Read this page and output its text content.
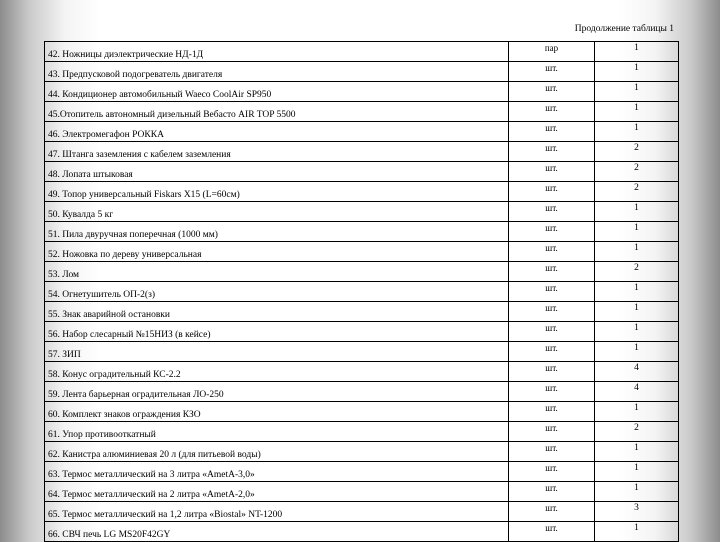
Продолжение таблицы 1
42. Ножницы диэлектрические НД-1Д	пар	1
43. Предпусковой подогреватель двигателя	шт.	1
44. Кондиционер автомобильный Waeco CoolAir SP950	шт.	1
45.Отопитель автономный дизельный Вебасто AIR TOP 5500	шт.	1
46. Электромегафон РОККА	шт.	1
47. Штанга заземления с кабелем заземления	шт.	2
48. Лопата штыковая	шт.	2
49. Топор универсальный Fiskars X15 (L=60см)	шт.	2
50. Кувалда 5 кг	шт.	1
51. Пила двуручная поперечная (1000 мм)	шт.	1
52. Ножовка по дереву универсальная	шт.	1
53. Лом	шт.	2
54. Огнетушитель ОП-2(з)	шт.	1
55. Знак аварийной остановки	шт.	1
56. Набор слесарный №15НИЗ (в кейсе)	шт.	1
57. ЗИП	шт.	1
58. Конус оградительный КС-2.2	шт.	4
59. Лента барьерная оградительная ЛО-250	шт.	4
60. Комплект знаков ограждения КЗО	шт.	1
61. Упор противооткатный	шт.	2
62. Канистра алюминиевая 20 л (для питьевой воды)	шт.	1
63. Термос металлический на 3 литра «AmetA-3,0»	шт.	1
64. Термос металлический на 2 литра «AmetA-2,0»	шт.	1
65. Термос металлический на 1,2 литра «Biostal» NT-1200	шт.	3
66. СВЧ печь LG MS20F42GY	шт.	1
